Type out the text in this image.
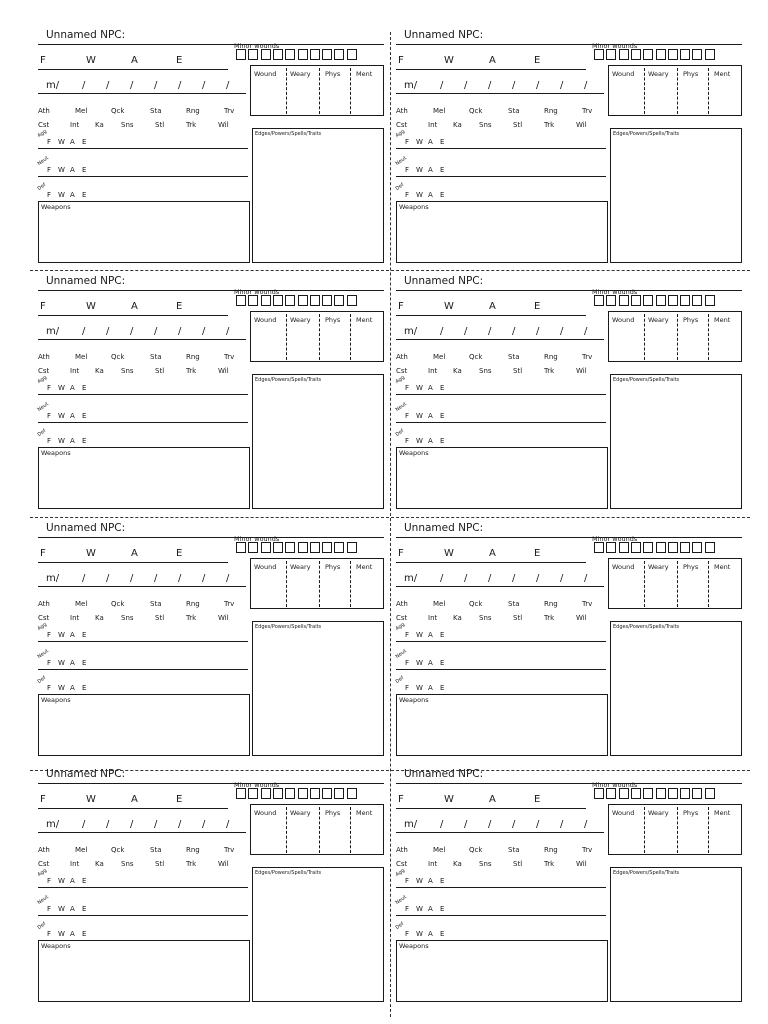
Unnamed NPC:
F	W	A	E
Minor wounds
Wound Weary Phys Ment
m/ / / / / / / /
Ath	Mel	Qck	Sta	Rng	Trv
Cst	Int Ka Sns	Stl	Trk	Wil
Agg
F W A E
Neut
F W A E
Def
F W A E
Weapons
Edges/Powers/Spells/Traits
Unnamed NPC:
F	W	A	E
Minor wounds
Wound Weary Phys Ment
m/ / / / / / / /
Ath	Mel	Qck	Sta	Rng	Trv
Cst	Int Ka Sns	Stl	Trk	Wil
Agg
F W A E
Neut
F W A E
Def
F W A E
Weapons
Edges/Powers/Spells/Traits
Unnamed NPC:
F	W	A	E
Minor wounds
Wound Weary Phys Ment
m/ / / / / / / /
Ath	Mel	Qck	Sta	Rng	Trv
Cst	Int Ka Sns	Stl	Trk	Wil
Agg
F W A E
Neut
F W A E
Def
F W A E
Weapons
Edges/Powers/Spells/Traits
Unnamed NPC:
F	W	A	E
Minor wounds
Wound Weary Phys Ment
m/ / / / / / / /
Ath	Mel	Qck	Sta	Rng	Trv
Cst	Int Ka Sns	Stl	Trk	Wil
Agg
F W A E
Neut
F W A E
Def
F W A E
Weapons
Edges/Powers/Spells/Traits
Unnamed NPC:
F	W	A	E
Minor wounds
Wound Weary Phys Ment
m/ / / / / / / /
Ath	Mel	Qck	Sta	Rng	Trv
Cst	Int Ka Sns	Stl	Trk	Wil
Agg
F W A E
Neut
F W A E
Def
F W A E
Weapons
Edges/Powers/Spells/Traits
Unnamed NPC:
F	W	A	E
Minor wounds
Wound Weary Phys Ment
m/ / / / / / / /
Ath	Mel	Qck	Sta	Rng	Trv
Cst	Int Ka Sns	Stl	Trk	Wil
Agg
F W A E
Neut
F W A E
Def
F W A E
Weapons
Edges/Powers/Spells/Traits
Unnamed NPC:
F	W	A	E
Minor wounds
Wound Weary Phys Ment
m/ / / / / / / /
Ath	Mel	Qck	Sta	Rng	Trv
Cst	Int Ka Sns	Stl	Trk	Wil
Agg
F W A E
Neut
F W A E
Def
F W A E
Weapons
Edges/Powers/Spells/Traits
Unnamed NPC:
F	W	A	E
Minor wounds
Wound Weary Phys Ment
m/ / / / / / / /
Ath	Mel	Qck	Sta	Rng	Trv
Cst	Int Ka Sns	Stl	Trk	Wil
Agg
F W A E
Neut
F W A E
Def
F W A E
Weapons
Edges/Powers/Spells/Traits
